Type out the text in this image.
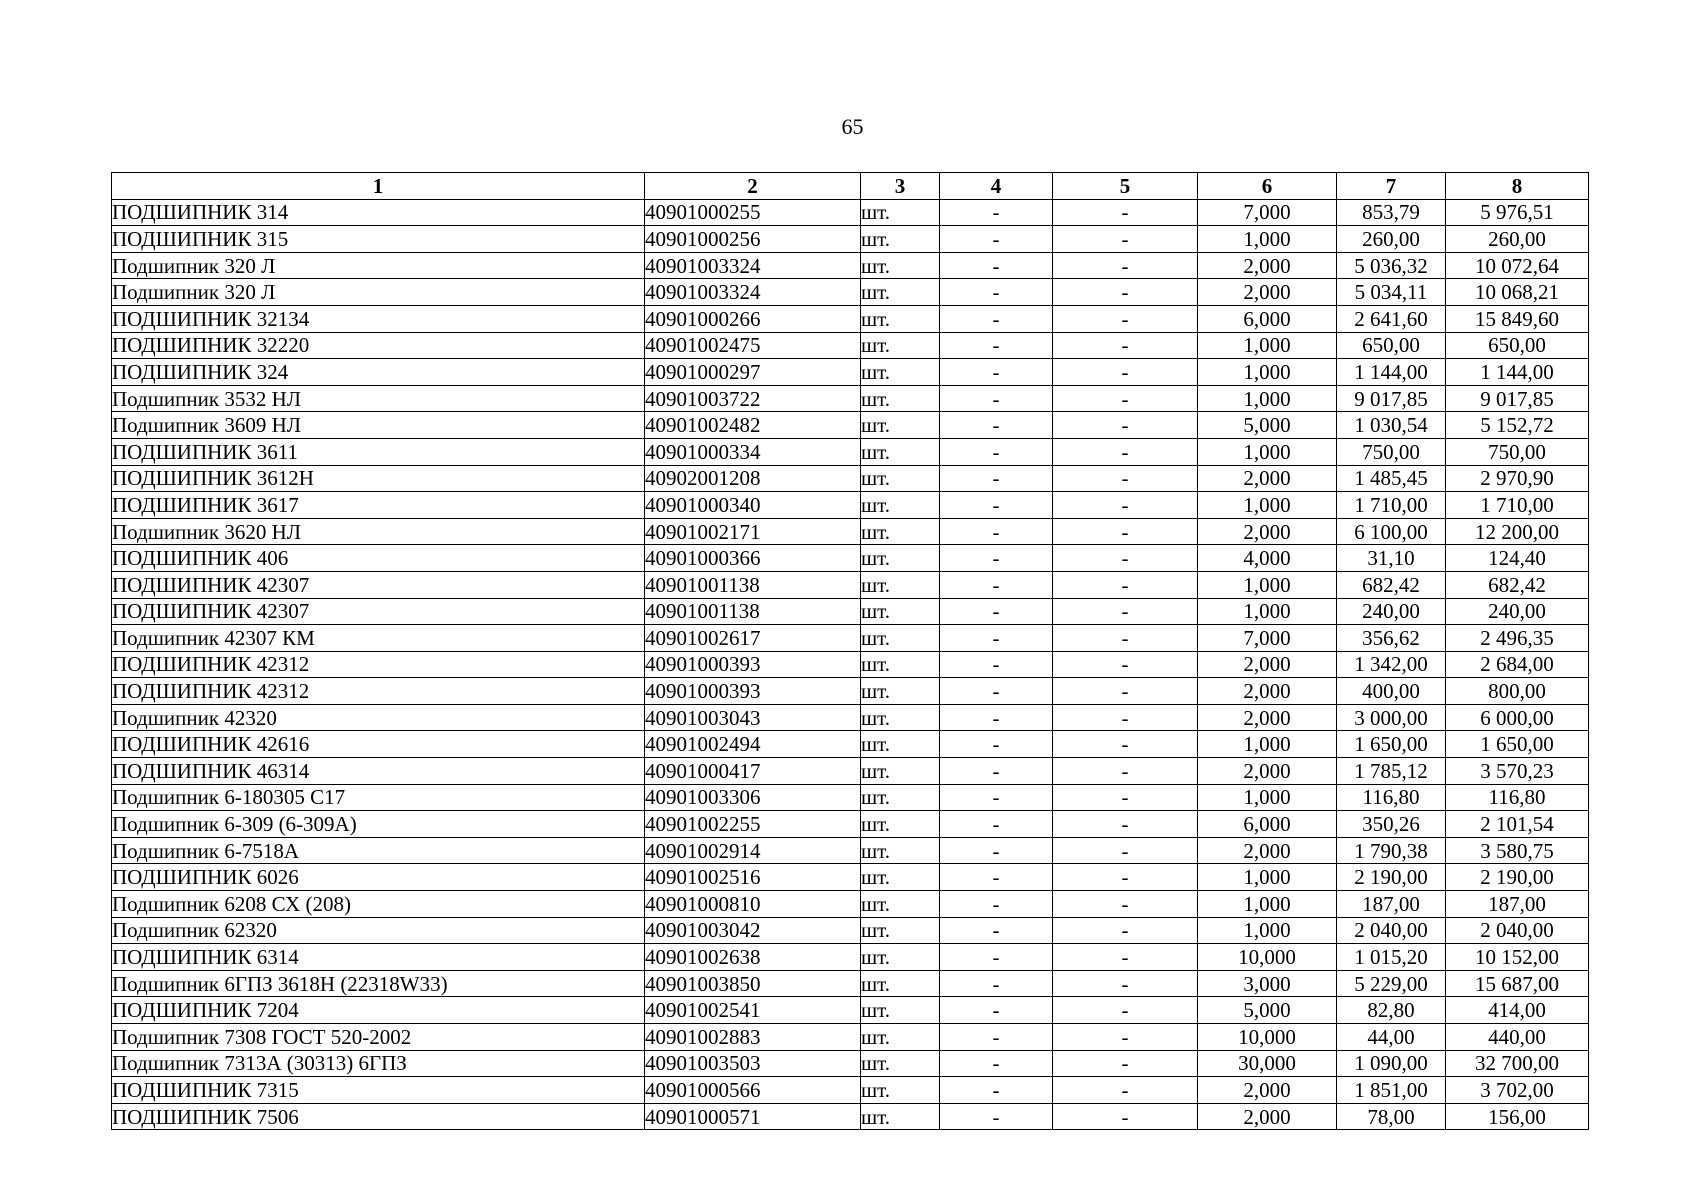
65
1	2	3	4	5	6	7	8
ПОДШИПНИК 314	40901000255	шт.	-	-	7,000	853,79	5 976,51
ПОДШИПНИК 315	40901000256	шт.	-	-	1,000	260,00	260,00
Подшипник 320 Л	40901003324	шт.	-	-	2,000	5 036,32	10 072,64
Подшипник 320 Л	40901003324	шт.	-	-	2,000	5 034,11	10 068,21
ПОДШИПНИК 32134	40901000266	шт.	-	-	6,000	2 641,60	15 849,60
ПОДШИПНИК 32220	40901002475	шт.	-	-	1,000	650,00	650,00
ПОДШИПНИК 324	40901000297	шт.	-	-	1,000	1 144,00	1 144,00
Подшипник 3532 НЛ	40901003722	шт.	-	-	1,000	9 017,85	9 017,85
Подшипник 3609 НЛ	40901002482	шт.	-	-	5,000	1 030,54	5 152,72
ПОДШИПНИК 3611	40901000334	шт.	-	-	1,000	750,00	750,00
ПОДШИПНИК 3612Н	40902001208	шт.	-	-	2,000	1 485,45	2 970,90
ПОДШИПНИК 3617	40901000340	шт.	-	-	1,000	1 710,00	1 710,00
Подшипник 3620 НЛ	40901002171	шт.	-	-	2,000	6 100,00	12 200,00
ПОДШИПНИК 406	40901000366	шт.	-	-	4,000	31,10	124,40
ПОДШИПНИК 42307	40901001138	шт.	-	-	1,000	682,42	682,42
ПОДШИПНИК 42307	40901001138	шт.	-	-	1,000	240,00	240,00
Подшипник 42307 КМ	40901002617	шт.	-	-	7,000	356,62	2 496,35
ПОДШИПНИК 42312	40901000393	шт.	-	-	2,000	1 342,00	2 684,00
ПОДШИПНИК 42312	40901000393	шт.	-	-	2,000	400,00	800,00
Подшипник 42320	40901003043	шт.	-	-	2,000	3 000,00	6 000,00
ПОДШИПНИК 42616	40901002494	шт.	-	-	1,000	1 650,00	1 650,00
ПОДШИПНИК 46314	40901000417	шт.	-	-	2,000	1 785,12	3 570,23
Подшипник 6-180305 С17	40901003306	шт.	-	-	1,000	116,80	116,80
Подшипник 6-309 (6-309А)	40901002255	шт.	-	-	6,000	350,26	2 101,54
Подшипник 6-7518А	40901002914	шт.	-	-	2,000	1 790,38	3 580,75
ПОДШИПНИК 6026	40901002516	шт.	-	-	1,000	2 190,00	2 190,00
Подшипник 6208 СХ (208)	40901000810	шт.	-	-	1,000	187,00	187,00
Подшипник 62320	40901003042	шт.	-	-	1,000	2 040,00	2 040,00
ПОДШИПНИК 6314	40901002638	шт.	-	-	10,000	1 015,20	10 152,00
Подшипник 6ГПЗ 3618Н (22318W33)	40901003850	шт.	-	-	3,000	5 229,00	15 687,00
ПОДШИПНИК 7204	40901002541	шт.	-	-	5,000	82,80	414,00
Подшипник 7308 ГОСТ 520-2002	40901002883	шт.	-	-	10,000	44,00	440,00
Подшипник 7313А (30313) 6ГПЗ	40901003503	шт.	-	-	30,000	1 090,00	32 700,00
ПОДШИПНИК 7315	40901000566	шт.	-	-	2,000	1 851,00	3 702,00
ПОДШИПНИК 7506	40901000571	шт.	-	-	2,000	78,00	156,00
